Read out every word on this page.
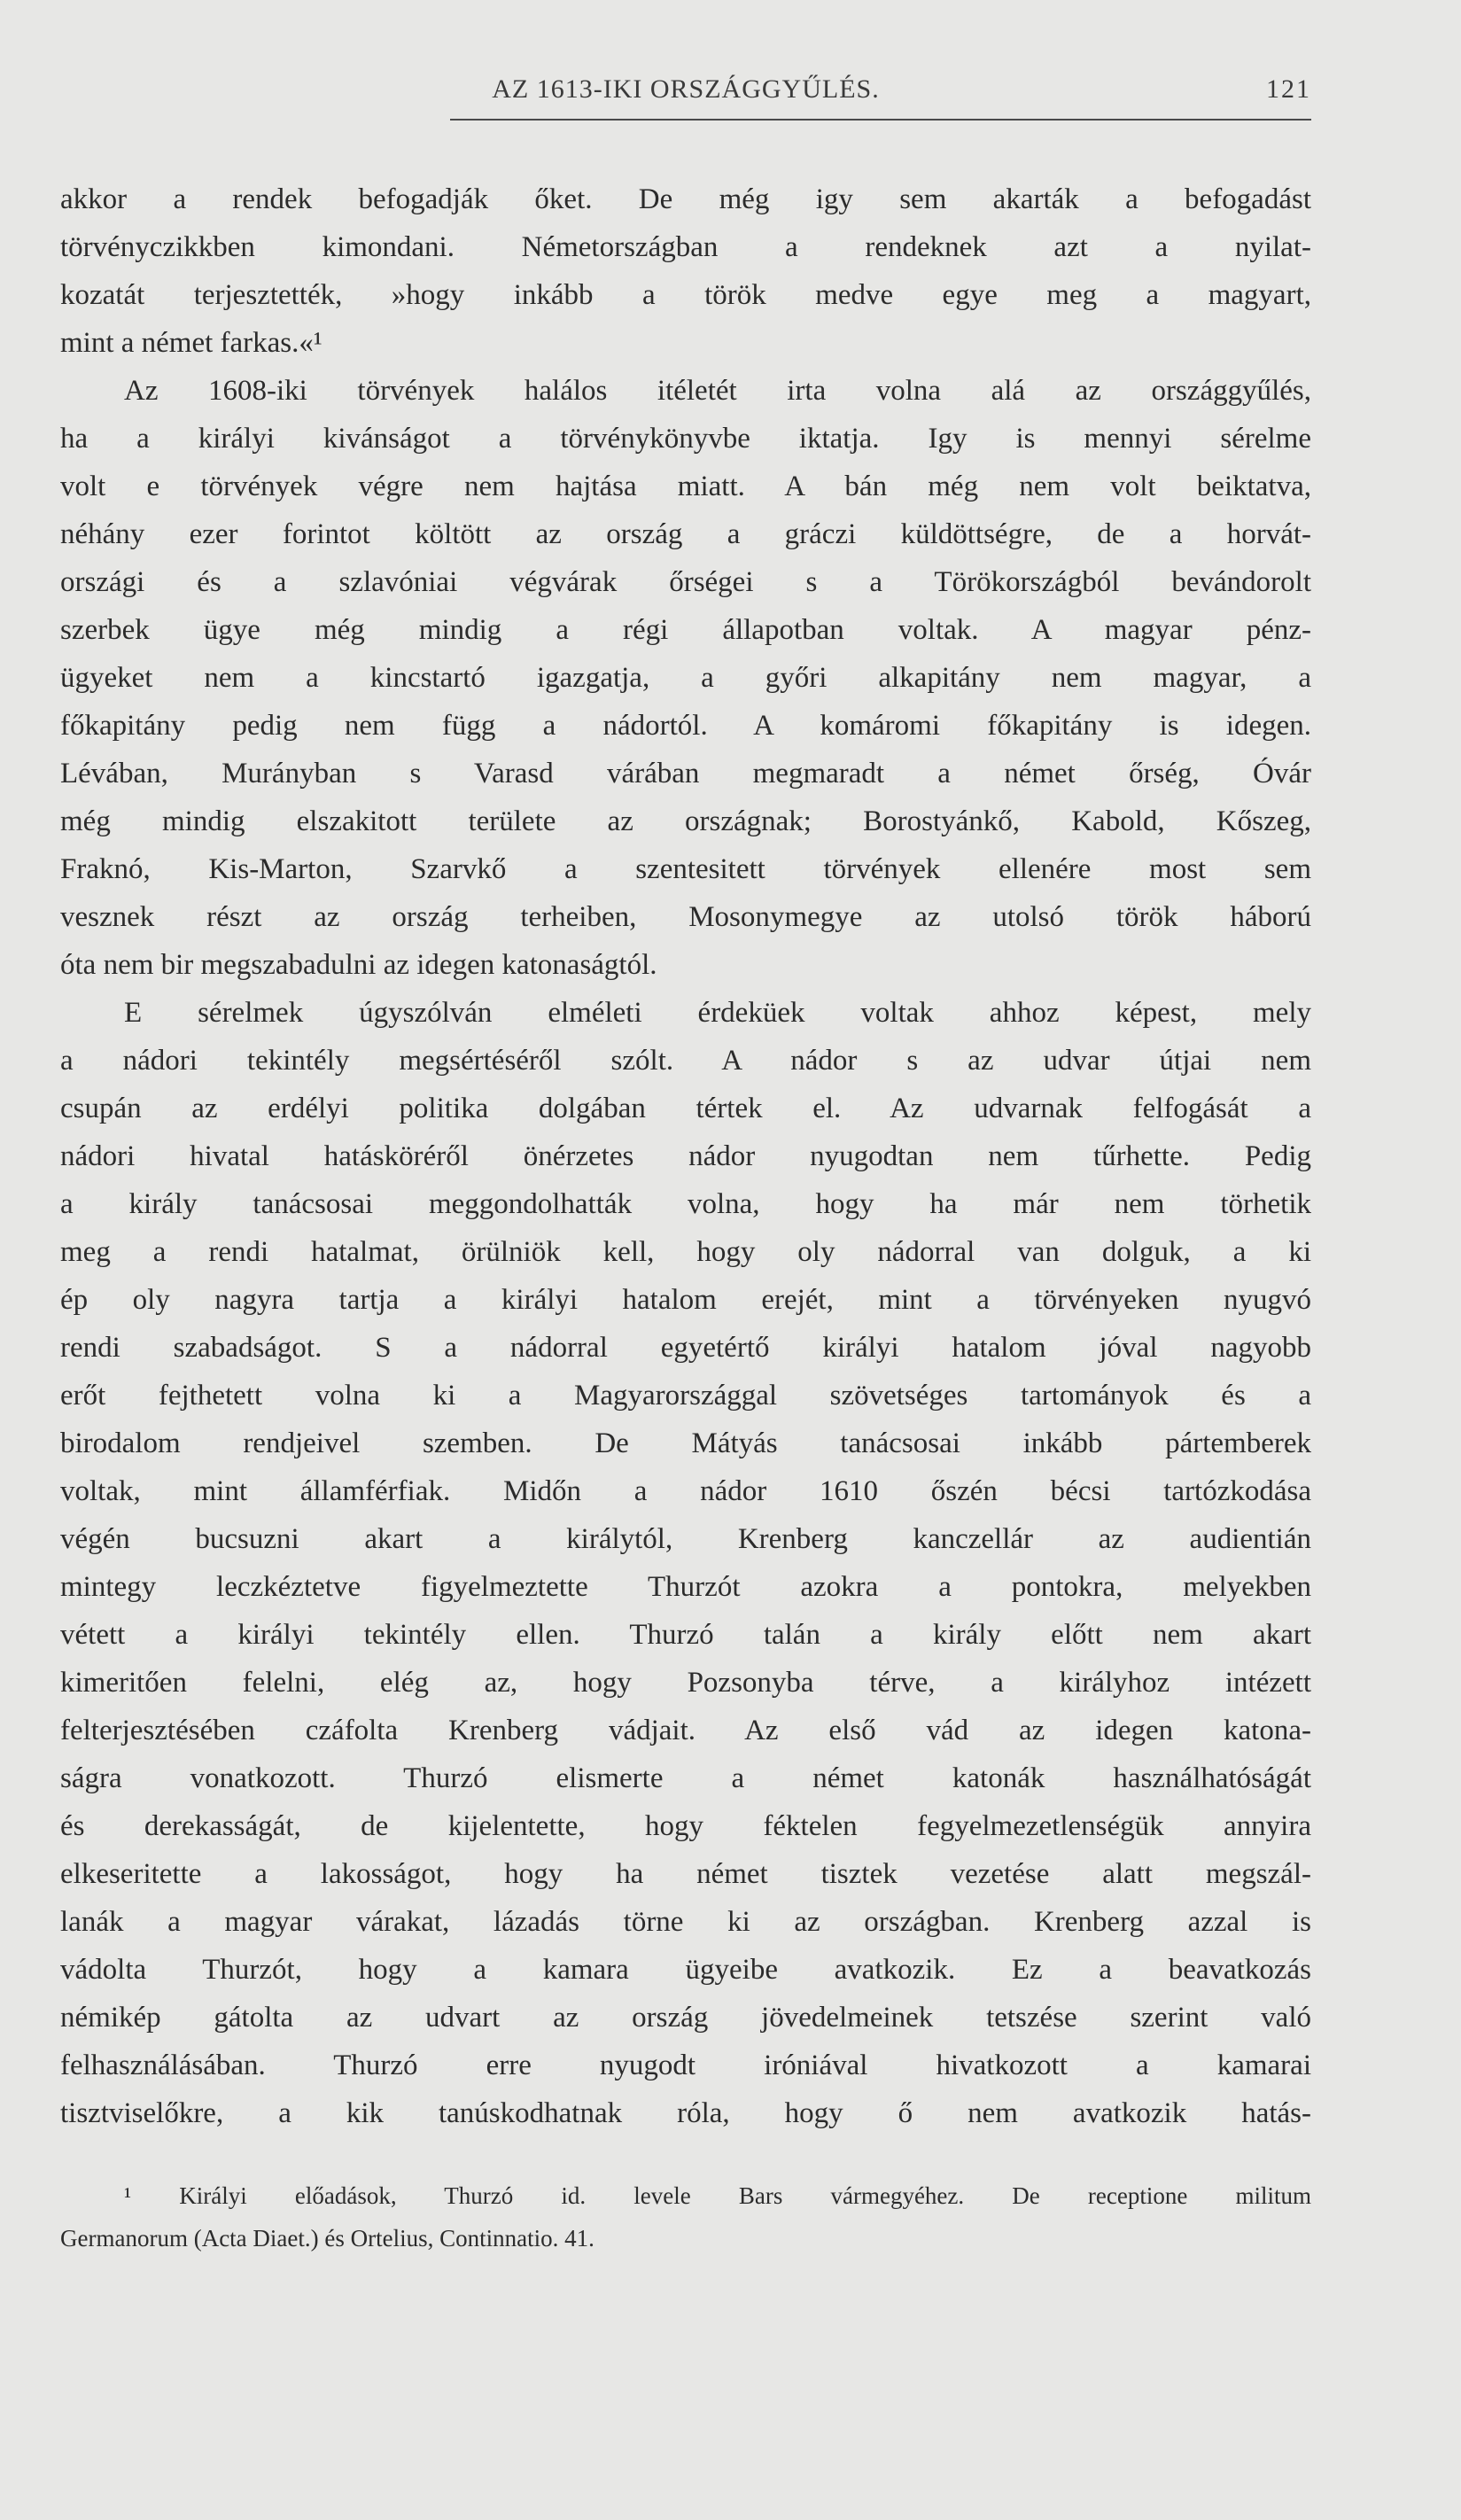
AZ 1613-IKI ORSZÁGGYŰLÉS.	121
akkor a rendek befogadják őket. De még igy sem akarták a befogadást
törvényczikkben kimondani. Németországban a rendeknek azt a nyilat-
kozatát terjesztették, »hogy inkább a török medve egye meg a magyart,
mint a német farkas.«¹
Az 1608-iki törvények halálos itéletét irta volna alá az országgyűlés,
ha a királyi kivánságot a törvénykönyvbe iktatja. Igy is mennyi sérelme
volt e törvények végre nem hajtása miatt. A bán még nem volt beiktatva,
néhány ezer forintot költött az ország a gráczi küldöttségre, de a horvát-
országi és a szlavóniai végvárak őrségei s a Törökországból bevándorolt
szerbek ügye még mindig a régi állapotban voltak. A magyar pénz-
ügyeket nem a kincstartó igazgatja, a győri alkapitány nem magyar, a
főkapitány pedig nem függ a nádortól. A komáromi főkapitány is idegen.
Lévában, Murányban s Varasd várában megmaradt a német őrség, Óvár
még mindig elszakitott területe az országnak; Borostyánkő, Kabold, Kőszeg,
Fraknó, Kis-Marton, Szarvkő a szentesitett törvények ellenére most sem
vesznek részt az ország terheiben, Mosonymegye az utolsó török háború
óta nem bir megszabadulni az idegen katonaságtól.
E sérelmek úgyszólván elméleti érdeküek voltak ahhoz képest, mely
a nádori tekintély megsértéséről szólt. A nádor s az udvar útjai nem
csupán az erdélyi politika dolgában tértek el. Az udvarnak felfogását a
nádori hivatal hatásköréről önérzetes nádor nyugodtan nem tűrhette. Pedig
a király tanácsosai meggondolhatták volna, hogy ha már nem törhetik
meg a rendi hatalmat, örülniök kell, hogy oly nádorral van dolguk, a ki
ép oly nagyra tartja a királyi hatalom erejét, mint a törvényeken nyugvó
rendi szabadságot. S a nádorral egyetértő királyi hatalom jóval nagyobb
erőt fejthetett volna ki a Magyarországgal szövetséges tartományok és a
birodalom rendjeivel szemben. De Mátyás tanácsosai inkább pártemberek
voltak, mint államférfiak. Midőn a nádor 1610 őszén bécsi tartózkodása
végén bucsuzni akart a királytól, Krenberg kanczellár az audientián
mintegy leczkéztetve figyelmeztette Thurzót azokra a pontokra, melyekben
vétett a királyi tekintély ellen. Thurzó talán a király előtt nem akart
kimeritően felelni, elég az, hogy Pozsonyba térve, a királyhoz intézett
felterjesztésében czáfolta Krenberg vádjait. Az első vád az idegen katona-
ságra vonatkozott. Thurzó elismerte a német katonák használhatóságát
és derekasságát, de kijelentette, hogy féktelen fegyelmezetlenségük annyira
elkeseritette a lakosságot, hogy ha német tisztek vezetése alatt megszál-
lanák a magyar várakat, lázadás törne ki az országban. Krenberg azzal is
vádolta Thurzót, hogy a kamara ügyeibe avatkozik. Ez a beavatkozás
némikép gátolta az udvart az ország jövedelmeinek tetszése szerint való
felhasználásában. Thurzó erre nyugodt iróniával hivatkozott a kamarai
tisztviselőkre, a kik tanúskodhatnak róla, hogy ő nem avatkozik hatás-
¹ Királyi előadások, Thurzó id. levele Bars vármegyéhez. De receptione militum
Germanorum (Acta Diaet.) és Ortelius, Continnatio. 41.
